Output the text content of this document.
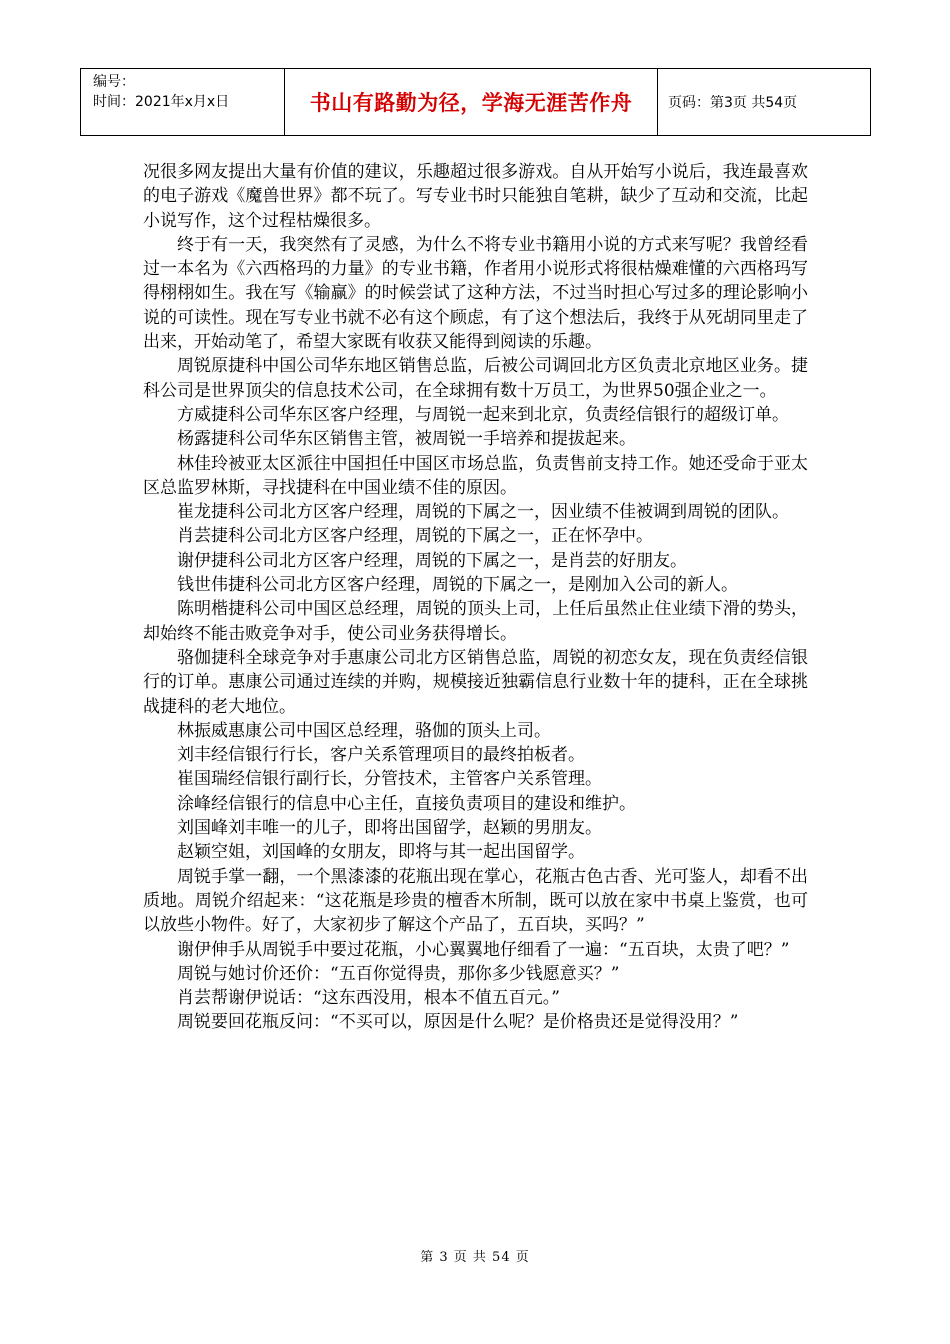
编号：
时间：2021年x月x日	书山有路勤为径，学海无涯苦作舟	页码：第3页 共54页

况很多网友提出大量有价值的建议，乐趣超过很多游戏。自从开始写小说后，我连最喜欢的电子游戏《魔兽世界》都不玩了。写专业书时只能独自笔耕，缺少了互动和交流，比起小说写作，这个过程枯燥很多。

终于有一天，我突然有了灵感，为什么不将专业书籍用小说的方式来写呢？我曾经看过一本名为《六西格玛的力量》的专业书籍，作者用小说形式将很枯燥难懂的六西格玛写得栩栩如生。我在写《输赢》的时候尝试了这种方法，不过当时担心写过多的理论影响小说的可读性。现在写专业书就不必有这个顾虑，有了这个想法后，我终于从死胡同里走了出来，开始动笔了，希望大家既有收获又能得到阅读的乐趣。

周锐原捷科中国公司华东地区销售总监，后被公司调回北方区负责北京地区业务。捷科公司是世界顶尖的信息技术公司，在全球拥有数十万员工，为世界50强企业之一。

方威捷科公司华东区客户经理，与周锐一起来到北京，负责经信银行的超级订单。

杨露捷科公司华东区销售主管，被周锐一手培养和提拔起来。

林佳玲被亚太区派往中国担任中国区市场总监，负责售前支持工作。她还受命于亚太区总监罗林斯，寻找捷科在中国业绩不佳的原因。

崔龙捷科公司北方区客户经理，周锐的下属之一，因业绩不佳被调到周锐的团队。

肖芸捷科公司北方区客户经理，周锐的下属之一，正在怀孕中。

谢伊捷科公司北方区客户经理，周锐的下属之一，是肖芸的好朋友。

钱世伟捷科公司北方区客户经理，周锐的下属之一，是刚加入公司的新人。

陈明楷捷科公司中国区总经理，周锐的顶头上司，上任后虽然止住业绩下滑的势头，却始终不能击败竞争对手，使公司业务获得增长。

骆伽捷科全球竞争对手惠康公司北方区销售总监，周锐的初恋女友，现在负责经信银行的订单。惠康公司通过连续的并购，规模接近独霸信息行业数十年的捷科，正在全球挑战捷科的老大地位。

林振威惠康公司中国区总经理，骆伽的顶头上司。

刘丰经信银行行长，客户关系管理项目的最终拍板者。

崔国瑞经信银行副行长，分管技术，主管客户关系管理。

涂峰经信银行的信息中心主任，直接负责项目的建设和维护。

刘国峰刘丰唯一的儿子，即将出国留学，赵颖的男朋友。

赵颖空姐，刘国峰的女朋友，即将与其一起出国留学。

周锐手掌一翻，一个黑漆漆的花瓶出现在掌心，花瓶古色古香、光可鉴人，却看不出质地。周锐介绍起来：“这花瓶是珍贵的檀香木所制，既可以放在家中书桌上鉴赏，也可以放些小物件。好了，大家初步了解这个产品了，五百块，买吗？”

谢伊伸手从周锐手中要过花瓶，小心翼翼地仔细看了一遍：“五百块，太贵了吧？”

周锐与她讨价还价：“五百你觉得贵，那你多少钱愿意买？”

肖芸帮谢伊说话：“这东西没用，根本不值五百元。”

周锐要回花瓶反问：“不买可以，原因是什么呢？是价格贵还是觉得没用？”

第 3 页 共 54 页
